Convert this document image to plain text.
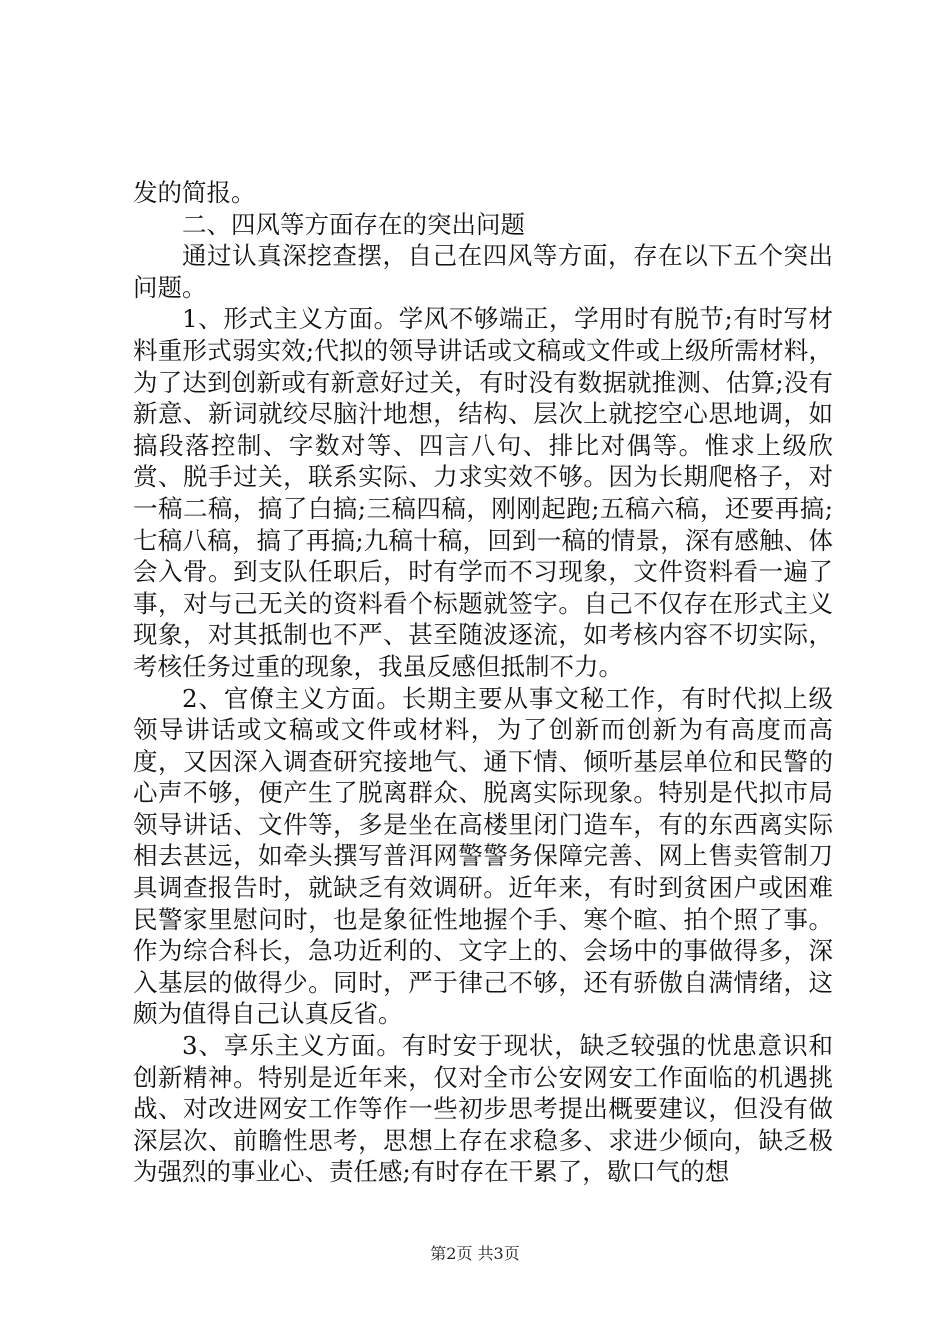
发的简报。

二、四风等方面存在的突出问题

通过认真深挖查摆，自己在四风等方面，存在以下五个突出问题。

1、形式主义方面。学风不够端正，学用时有脱节;有时写材料重形式弱实效;代拟的领导讲话或文稿或文件或上级所需材料，为了达到创新或有新意好过关，有时没有数据就推测、估算;没有新意、新词就绞尽脑汁地想，结构、层次上就挖空心思地调，如搞段落控制、字数对等、四言八句、排比对偶等。惟求上级欣赏、脱手过关，联系实际、力求实效不够。因为长期爬格子，对一稿二稿，搞了白搞;三稿四稿，刚刚起跑;五稿六稿，还要再搞;七稿八稿，搞了再搞;九稿十稿，回到一稿的情景，深有感触、体会入骨。到支队任职后，时有学而不习现象，文件资料看一遍了事，对与己无关的资料看个标题就签字。自己不仅存在形式主义现象，对其抵制也不严、甚至随波逐流，如考核内容不切实际，考核任务过重的现象，我虽反感但抵制不力。

2、官僚主义方面。长期主要从事文秘工作，有时代拟上级领导讲话或文稿或文件或材料，为了创新而创新为有高度而高度，又因深入调查研究接地气、通下情、倾听基层单位和民警的心声不够，便产生了脱离群众、脱离实际现象。特别是代拟市局领导讲话、文件等，多是坐在高楼里闭门造车，有的东西离实际相去甚远，如牵头撰写普洱网警警务保障完善、网上售卖管制刀具调查报告时，就缺乏有效调研。近年来，有时到贫困户或困难民警家里慰问时，也是象征性地握个手、寒个暄、拍个照了事。作为综合科长，急功近利的、文字上的、会场中的事做得多，深入基层的做得少。同时，严于律己不够，还有骄傲自满情绪，这颇为值得自己认真反省。

3、享乐主义方面。有时安于现状，缺乏较强的忧患意识和创新精神。特别是近年来，仅对全市公安网安工作面临的机遇挑战、对改进网安工作等作一些初步思考提出概要建议，但没有做深层次、前瞻性思考，思想上存在求稳多、求进少倾向，缺乏极为强烈的事业心、责任感;有时存在干累了，歇口气的想

第2页 共3页
